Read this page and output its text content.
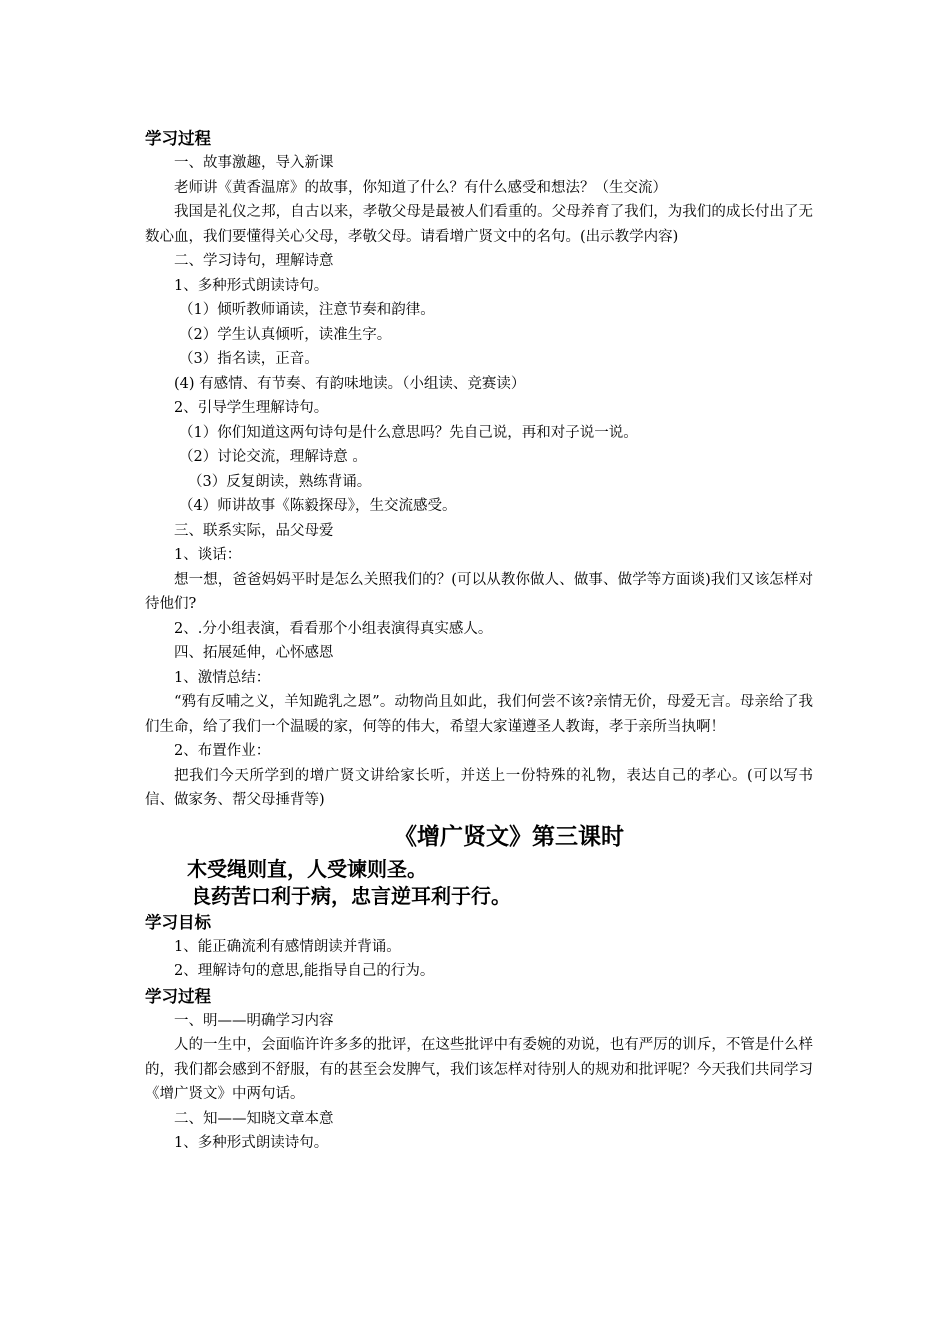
学习过程

一、故事激趣，导入新课

老师讲《黄香温席》的故事，你知道了什么？有什么感受和想法？（生交流）

我国是礼仪之邦，自古以来，孝敬父母是最被人们看重的。父母养育了我们，为我们的成长付出了无数心血，我们要懂得关心父母，孝敬父母。请看增广贤文中的名句。(出示教学内容)

二、学习诗句，理解诗意

1、多种形式朗读诗句。

（1）倾听教师诵读，注意节奏和韵律。

（2）学生认真倾听，读准生字。

（3）指名读，正音。

(4) 有感情、有节奏、有韵味地读。（小组读、竞赛读）

2、引导学生理解诗句。

（1）你们知道这两句诗句是什么意思吗？先自己说，再和对子说一说。

（2）讨论交流，理解诗意 。

（3）反复朗读，熟练背诵。

（4）师讲故事《陈毅探母》，生交流感受。

三、联系实际，品父母爱

1、谈话：

想一想，爸爸妈妈平时是怎么关照我们的？(可以从教你做人、做事、做学等方面谈)我们又该怎样对待他们?

2、.分小组表演，看看那个小组表演得真实感人。

四、拓展延伸，心怀感恩

1、激情总结：

“鸦有反哺之义，羊知跪乳之恩”。动物尚且如此，我们何尝不该?亲情无价，母爱无言。母亲给了我们生命，给了我们一个温暖的家，何等的伟大，希望大家谨遵圣人教诲，孝于亲所当执啊！

2、布置作业：

把我们今天所学到的增广贤文讲给家长听，并送上一份特殊的礼物，表达自己的孝心。(可以写书信、做家务、帮父母捶背等)

《增广贤文》第三课时

木受绳则直，人受谏则圣。

良药苦口利于病，忠言逆耳利于行。

学习目标

1、能正确流利有感情朗读并背诵。

2、理解诗句的意思,能指导自己的行为。

学习过程

一、明——明确学习内容

人的一生中，会面临许许多多的批评，在这些批评中有委婉的劝说，也有严厉的训斥，不管是什么样的，我们都会感到不舒服，有的甚至会发脾气，我们该怎样对待别人的规劝和批评呢？今天我们共同学习《增广贤文》中两句话。

二、知——知晓文章本意

1、多种形式朗读诗句。
